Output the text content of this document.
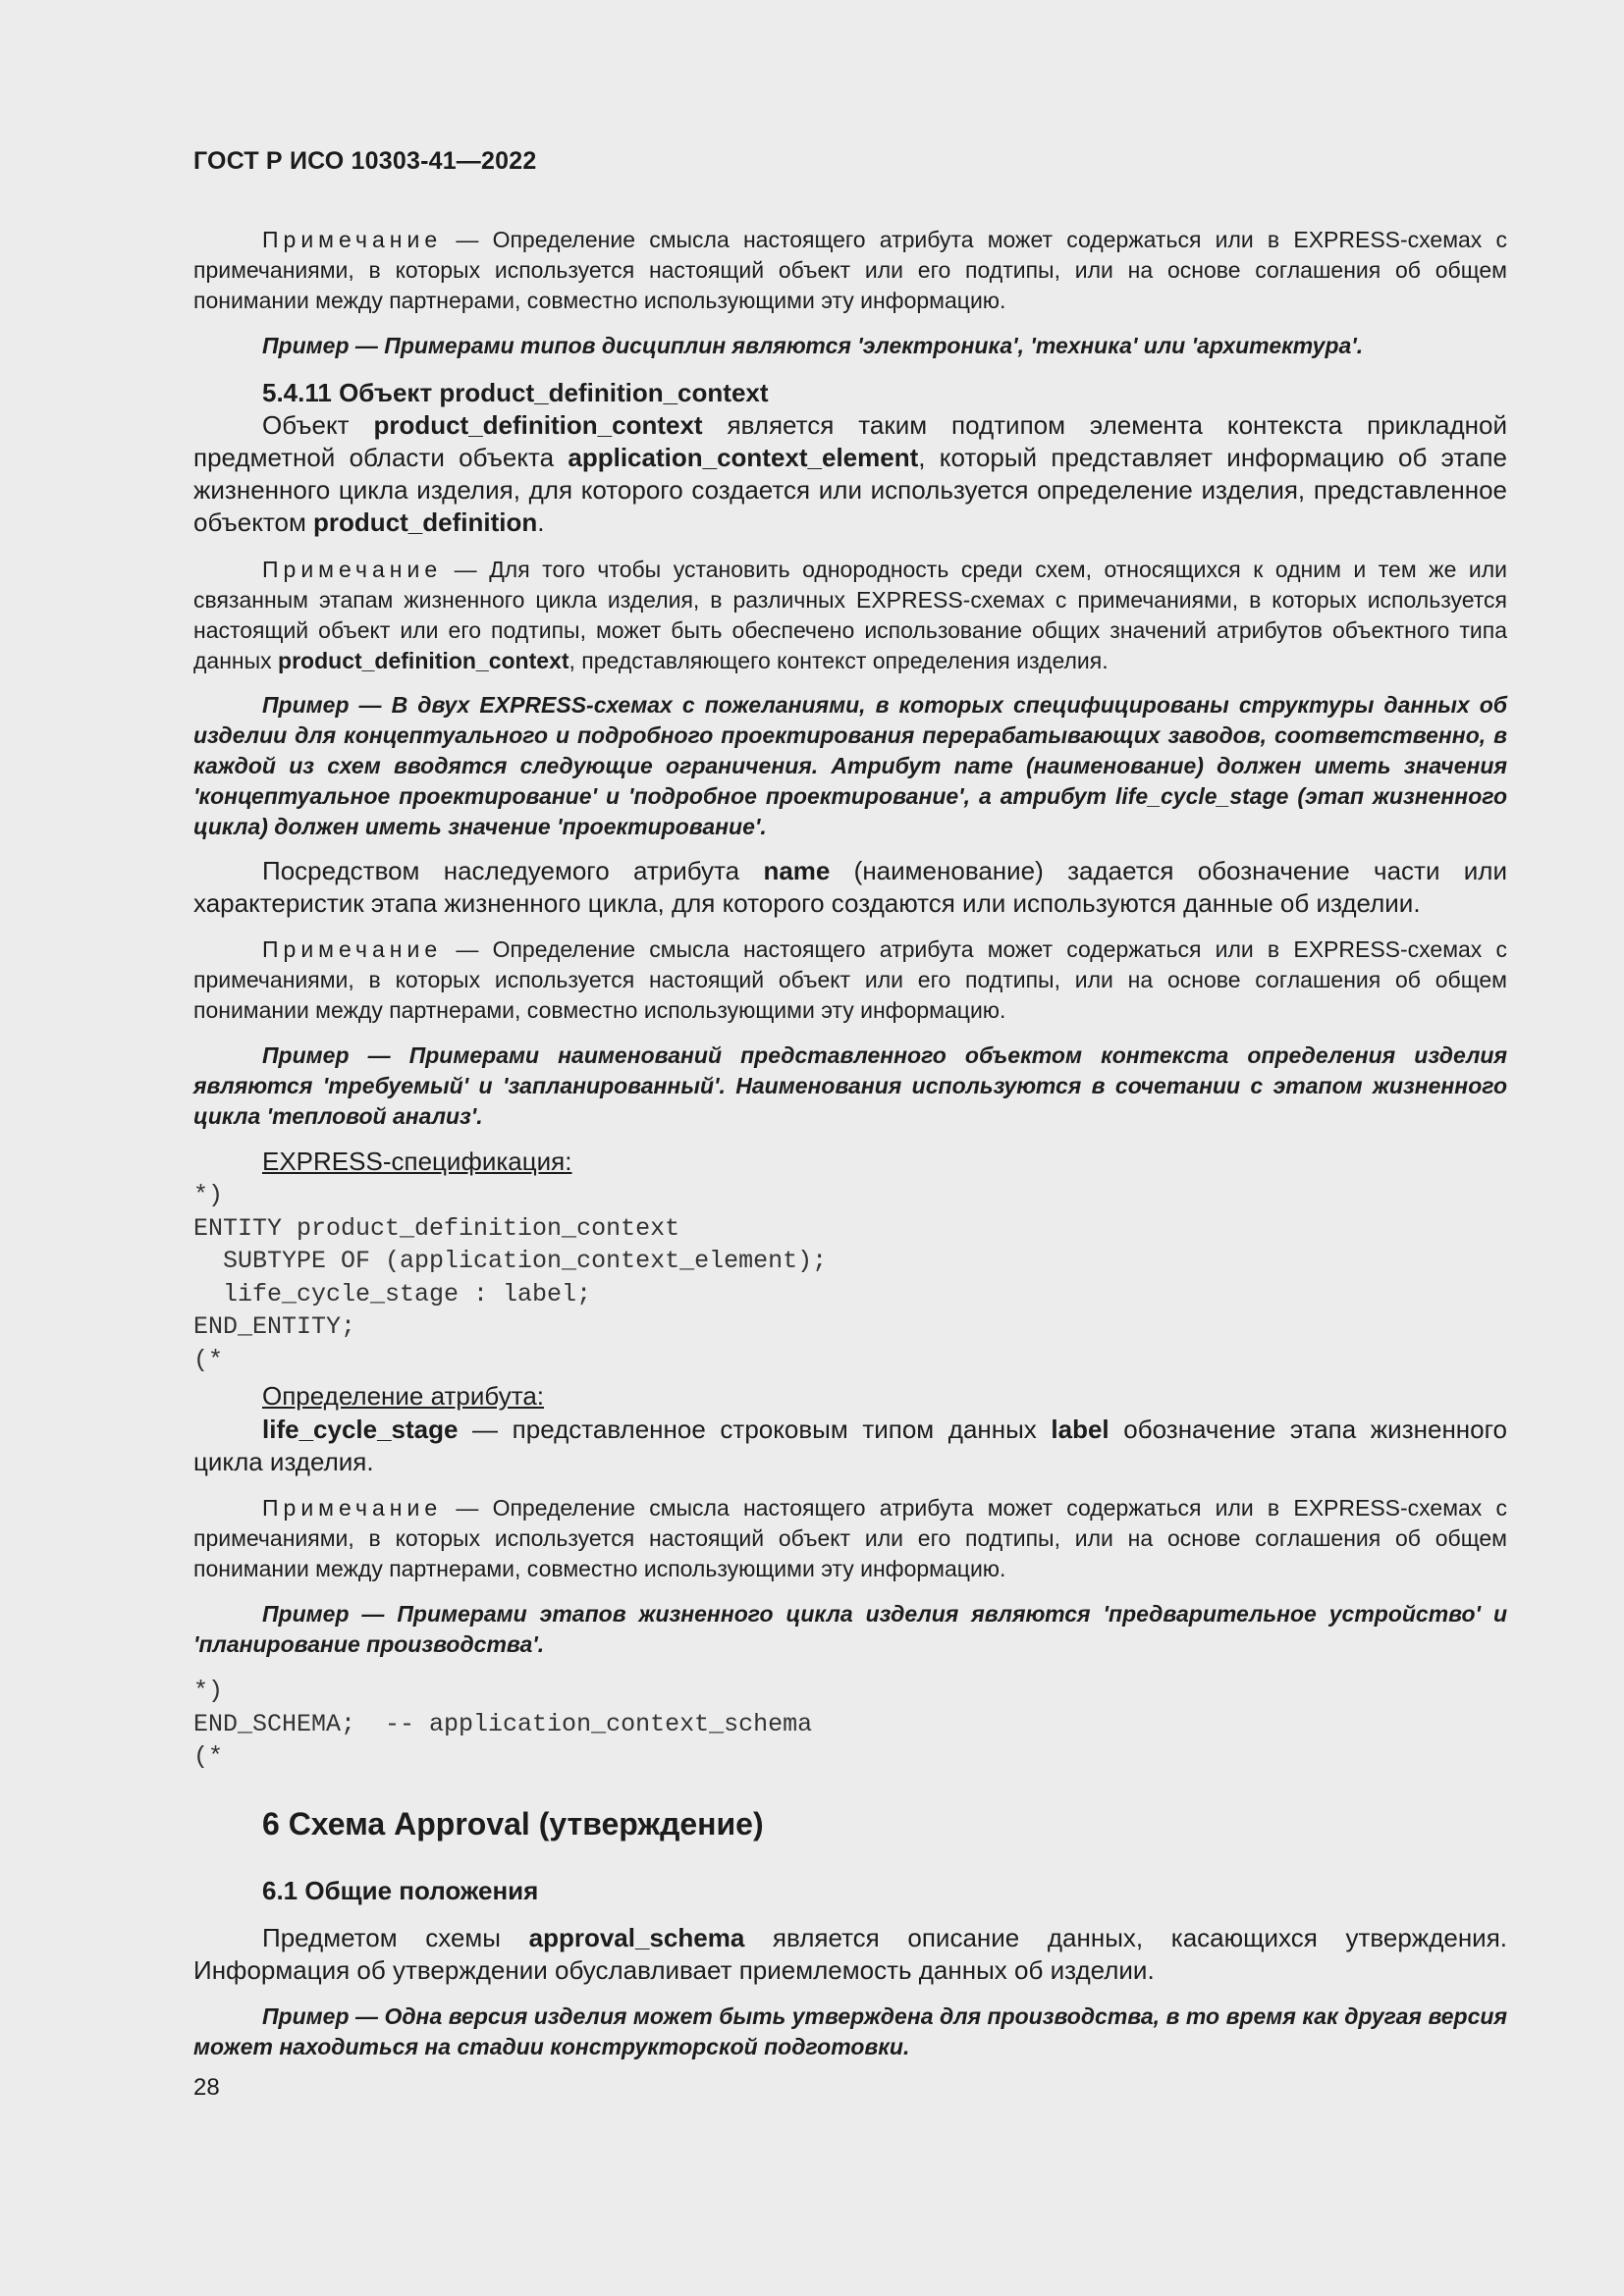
ГОСТ Р ИСО 10303-41—2022
Примечание — Определение смысла настоящего атрибута может содержаться или в EXPRESS-схемах с примечаниями, в которых используется настоящий объект или его подтипы, или на основе соглашения об общем понимании между партнерами, совместно использующими эту информацию.
Пример — Примерами типов дисциплин являются 'электроника', 'техника' или 'архитектура'.
5.4.11 Объект product_definition_context
Объект product_definition_context является таким подтипом элемента контекста прикладной предметной области объекта application_context_element, который представляет информацию об этапе жизненного цикла изделия, для которого создается или используется определение изделия, представленное объектом product_definition.
Примечание — Для того чтобы установить однородность среди схем, относящихся к одним и тем же или связанным этапам жизненного цикла изделия, в различных EXPRESS-схемах с примечаниями, в которых используется настоящий объект или его подтипы, может быть обеспечено использование общих значений атрибутов объектного типа данных product_definition_context, представляющего контекст определения изделия.
Пример — В двух EXPRESS-схемах с пожеланиями, в которых специфицированы структуры данных об изделии для концептуального и подробного проектирования перерабатывающих заводов, соответственно, в каждой из схем вводятся следующие ограничения. Атрибут name (наименование) должен иметь значения 'концептуальное проектирование' и 'подробное проектирование', а атрибут life_cycle_stage (этап жизненного цикла) должен иметь значение 'проектирование'.
Посредством наследуемого атрибута name (наименование) задается обозначение части или характеристик этапа жизненного цикла, для которого создаются или используются данные об изделии.
Примечание — Определение смысла настоящего атрибута может содержаться или в EXPRESS-схемах с примечаниями, в которых используется настоящий объект или его подтипы, или на основе соглашения об общем понимании между партнерами, совместно использующими эту информацию.
Пример — Примерами наименований представленного объектом контекста определения изделия являются 'требуемый' и 'запланированный'. Наименования используются в сочетании с этапом жизненного цикла 'тепловой анализ'.
EXPRESS-спецификация:
*)
ENTITY product_definition_context
SUBTYPE OF (application_context_element);
life_cycle_stage : label;
END_ENTITY;
(*
Определение атрибута:
life_cycle_stage — представленное строковым типом данных label обозначение этапа жизненного цикла изделия.
Примечание — Определение смысла настоящего атрибута может содержаться или в EXPRESS-схемах с примечаниями, в которых используется настоящий объект или его подтипы, или на основе соглашения об общем понимании между партнерами, совместно использующими эту информацию.
Пример — Примерами этапов жизненного цикла изделия являются 'предварительное устройство' и 'планирование производства'.
*)
END_SCHEMA;  -- application_context_schema
(*
6 Схема Approval (утверждение)
6.1 Общие положения
Предметом схемы approval_schema является описание данных, касающихся утверждения. Информация об утверждении обуславливает приемлемость данных об изделии.
Пример — Одна версия изделия может быть утверждена для производства, в то время как другая версия может находиться на стадии конструкторской подготовки.
28
